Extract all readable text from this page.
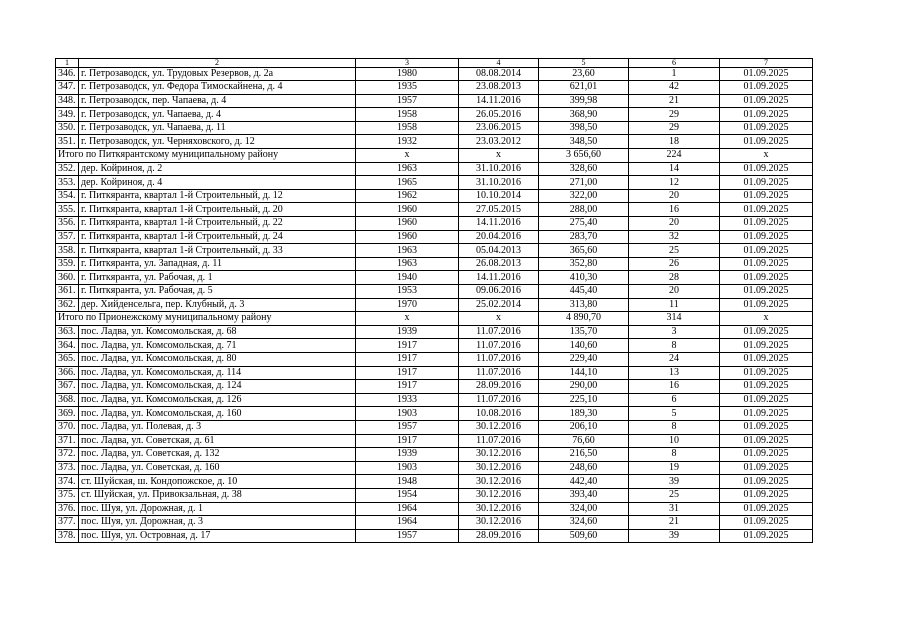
1	2	3	4	5	6	7
346.	г. Петрозаводск, ул. Трудовых Резервов, д. 2а	1980	08.08.2014	23,60	1	01.09.2025
347.	г. Петрозаводск, ул. Федора Тимоскайнена, д. 4	1935	23.08.2013	621,01	42	01.09.2025
348.	г. Петрозаводск, пер. Чапаева, д. 4	1957	14.11.2016	399,98	21	01.09.2025
349.	г. Петрозаводск, ул. Чапаева, д. 4	1958	26.05.2016	368,90	29	01.09.2025
350.	г. Петрозаводск, ул. Чапаева, д. 11	1958	23.06.2015	398,50	29	01.09.2025
351.	г. Петрозаводск, ул. Черняховского, д. 12	1932	23.03.2012	348,50	18	01.09.2025
Итого по Питкярантскому муниципальному району		x	x	3 656,60	224	x
352.	дер. Койриноя, д. 2	1963	31.10.2016	328,60	14	01.09.2025
353.	дер. Койриноя, д. 4	1965	31.10.2016	271,00	12	01.09.2025
354.	г. Питкяранта, квартал 1-й Строительный, д. 12	1962	10.10.2014	322,00	20	01.09.2025
355.	г. Питкяранта, квартал 1-й Строительный, д. 20	1960	27.05.2015	288,00	16	01.09.2025
356.	г. Питкяранта, квартал 1-й Строительный, д. 22	1960	14.11.2016	275,40	20	01.09.2025
357.	г. Питкяранта, квартал 1-й Строительный, д. 24	1960	20.04.2016	283,70	32	01.09.2025
358.	г. Питкяранта, квартал 1-й Строительный, д. 33	1963	05.04.2013	365,60	25	01.09.2025
359.	г. Питкяранта, ул. Западная, д. 11	1963	26.08.2013	352,80	26	01.09.2025
360.	г. Питкяранта, ул. Рабочая, д. 1	1940	14.11.2016	410,30	28	01.09.2025
361.	г. Питкяранта, ул. Рабочая, д. 5	1953	09.06.2016	445,40	20	01.09.2025
362.	дер. Хийденсельга, пер. Клубный, д. 3	1970	25.02.2014	313,80	11	01.09.2025
Итого по Прионежскому муниципальному району		x	x	4 890,70	314	x
363.	пос. Ладва, ул. Комсомольская, д. 68	1939	11.07.2016	135,70	3	01.09.2025
364.	пос. Ладва, ул. Комсомольская, д. 71	1917	11.07.2016	140,60	8	01.09.2025
365.	пос. Ладва, ул. Комсомольская, д. 80	1917	11.07.2016	229,40	24	01.09.2025
366.	пос. Ладва, ул. Комсомольская, д. 114	1917	11.07.2016	144,10	13	01.09.2025
367.	пос. Ладва, ул. Комсомольская, д. 124	1917	28.09.2016	290,00	16	01.09.2025
368.	пос. Ладва, ул. Комсомольская, д. 126	1933	11.07.2016	225,10	6	01.09.2025
369.	пос. Ладва, ул. Комсомольская, д. 160	1903	10.08.2016	189,30	5	01.09.2025
370.	пос. Ладва, ул. Полевая, д. 3	1957	30.12.2016	206,10	8	01.09.2025
371.	пос. Ладва, ул. Советская, д. 61	1917	11.07.2016	76,60	10	01.09.2025
372.	пос. Ладва, ул. Советская, д. 132	1939	30.12.2016	216,50	8	01.09.2025
373.	пос. Ладва, ул. Советская, д. 160	1903	30.12.2016	248,60	19	01.09.2025
374.	ст. Шуйская, ш. Кондопожское, д. 10	1948	30.12.2016	442,40	39	01.09.2025
375.	ст. Шуйская, ул. Привокзальная, д. 38	1954	30.12.2016	393,40	25	01.09.2025
376.	пос. Шуя, ул. Дорожная, д. 1	1964	30.12.2016	324,00	31	01.09.2025
377.	пос. Шуя, ул. Дорожная, д. 3	1964	30.12.2016	324,60	21	01.09.2025
378.	пос. Шуя, ул. Островная, д. 17	1957	28.09.2016	509,60	39	01.09.2025
